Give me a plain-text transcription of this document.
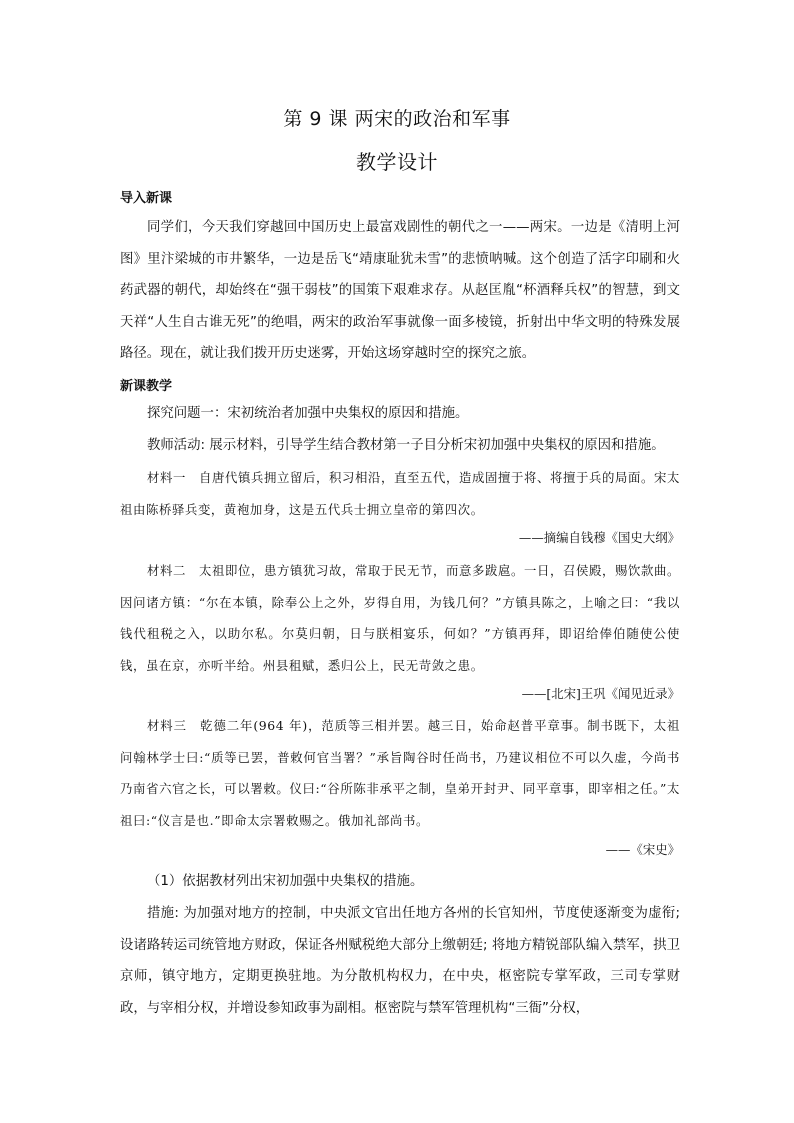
第 9 课 两宋的政治和军事
教学设计
导入新课

同学们，今天我们穿越回中国历史上最富戏剧性的朝代之一——两宋。一边是《清明上河图》里汴梁城的市井繁华，一边是岳飞“靖康耻犹未雪”的悲愤呐喊。这个创造了活字印刷和火药武器的朝代，却始终在“强干弱枝”的国策下艰难求存。从赵匡胤“杯酒释兵权”的智慧，到文天祥“人生自古谁无死”的绝唱，两宋的政治军事就像一面多棱镜，折射出中华文明的特殊发展路径。现在，就让我们拨开历史迷雾，开始这场穿越时空的探究之旅。

新课教学

探究问题一：宋初统治者加强中央集权的原因和措施。

教师活动: 展示材料，引导学生结合教材第一子目分析宋初加强中央集权的原因和措施。

材料一　自唐代镇兵拥立留后，积习相沿，直至五代，造成固擅于将、将擅于兵的局面。宋太祖由陈桥驿兵变，黄袍加身，这是五代兵士拥立皇帝的第四次。

——摘编自钱穆《国史大纲》

材料二　太祖即位，患方镇犹习故，常取于民无节，而意多跋扈。一日，召侯殿，赐饮款曲。因问诸方镇：“尔在本镇，除奉公上之外，岁得自用，为钱几何？”方镇具陈之，上喻之曰：“我以钱代租税之入，以助尔私。尔莫归朝，日与朕相宴乐，何如？”方镇再拜，即诏给俸伯随使公使钱，虽在京，亦听半给。州县租赋，悉归公上，民无苛敛之患。

——[北宋]王巩《闻见近录》

材料三　乾德二年(964 年)，范质等三相并罢。越三日，始命赵普平章事。制书既下，太祖问翰林学士曰:“质等已罢，普敕何官当署？”承旨陶谷时任尚书，乃建议相位不可以久虚，今尚书乃南省六官之长，可以署敕。仪曰:“谷所陈非承平之制，皇弟开封尹、同平章事，即宰相之任。”太祖曰:“仪言是也.”即命太宗署敕赐之。俄加礼部尚书。

——《宋史》

（1）依据教材列出宋初加强中央集权的措施。

措施: 为加强对地方的控制，中央派文官出任地方各州的长官知州，节度使逐渐变为虚衔; 设诸路转运司统管地方财政，保证各州赋税绝大部分上缴朝廷; 将地方精锐部队编入禁军，拱卫京师，镇守地方，定期更换驻地。为分散机构权力，在中央，枢密院专掌军政，三司专掌财政，与宰相分权，并增设参知政事为副相。枢密院与禁军管理机构“三衙”分权，
